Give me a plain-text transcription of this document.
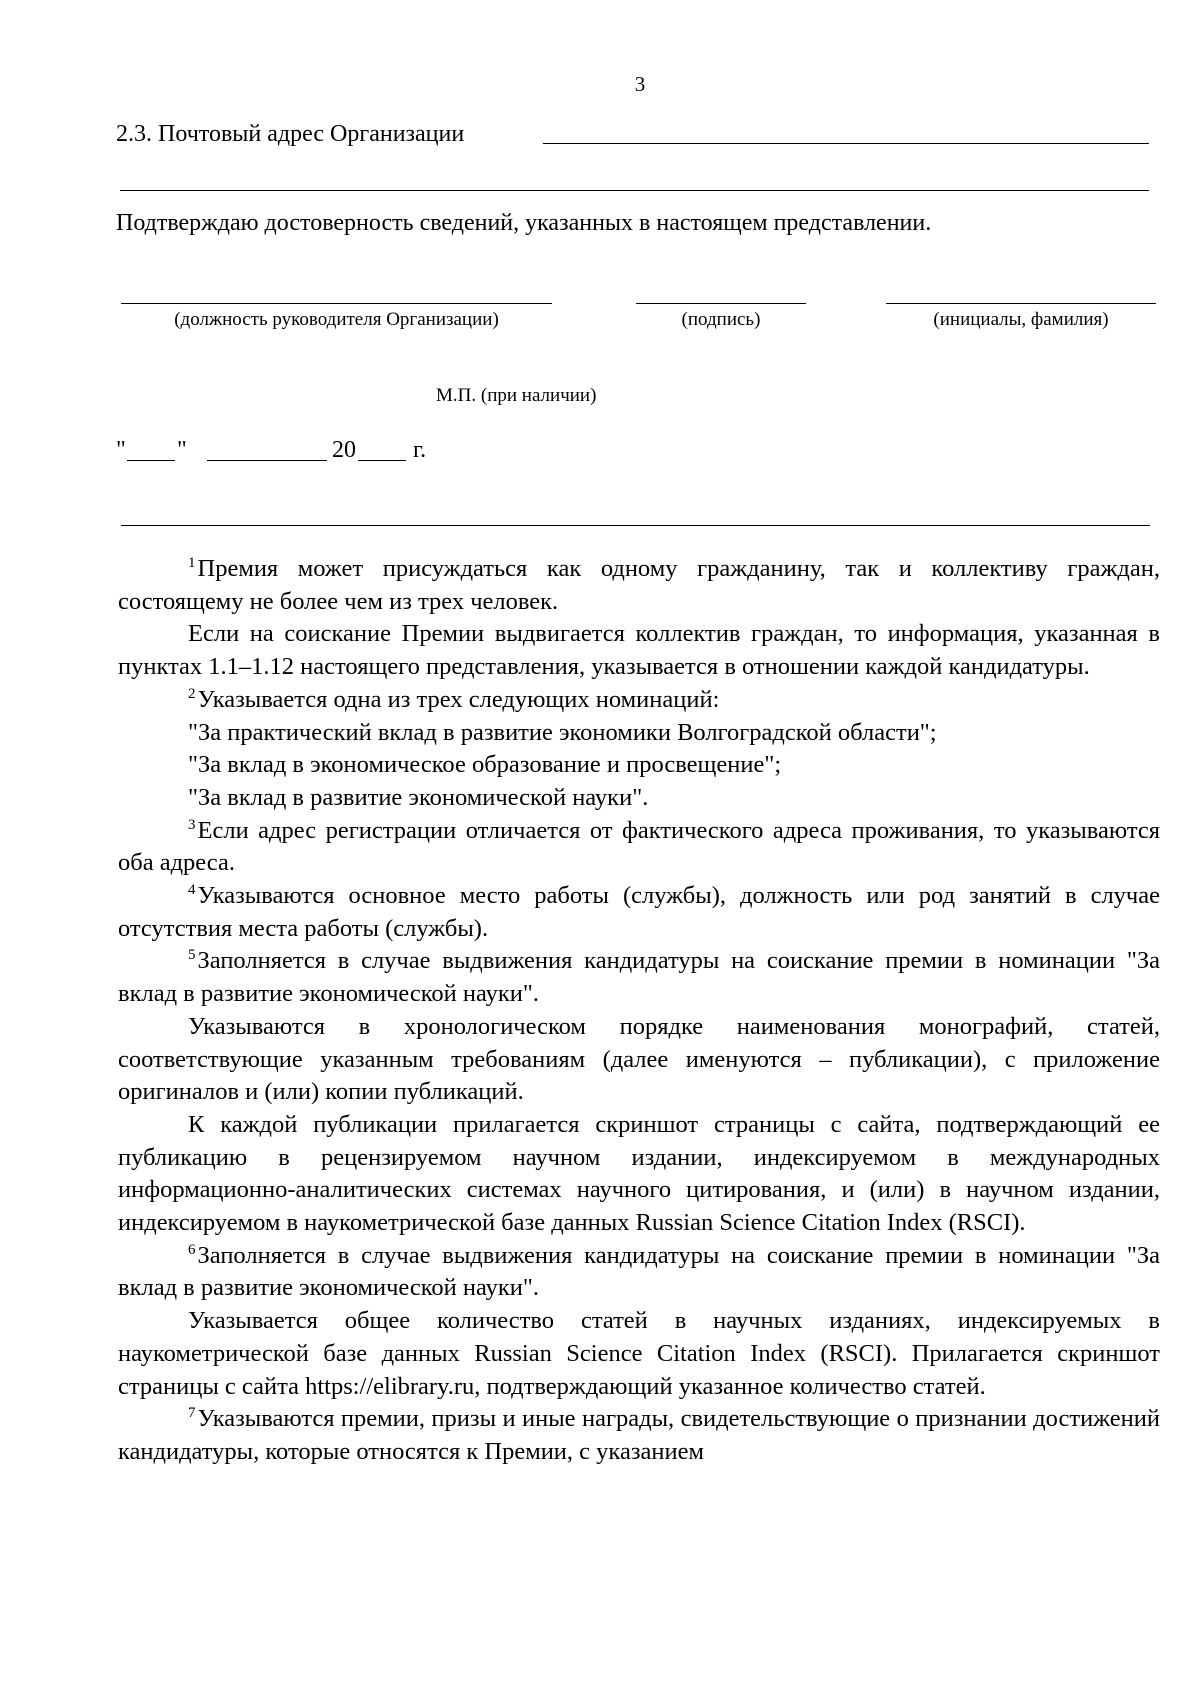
3
2.3. Почтовый адрес Организации
Подтверждаю достоверность сведений, указанных в настоящем представлении.
(должность руководителя Организации)	(подпись)	(инициалы, фамилия)
М.П. (при наличии)
" "	20 г.

$^1$Премия может присуждаться как одному гражданину, так и коллективу граждан, состоящему не более чем из трех человек.

Если на соискание Премии выдвигается коллектив граждан, то информация, указанная в пунктах 1.1–1.12 настоящего представления, указывается в отношении каждой кандидатуры.

$^2$Указывается одна из трех следующих номинаций:

"За практический вклад в развитие экономики Волгоградской области";

"За вклад в экономическое образование и просвещение";

"За вклад в развитие экономической науки".

$^3$Если адрес регистрации отличается от фактического адреса проживания, то указываются оба адреса.

$^4$Указываются основное место работы (службы), должность или род занятий в случае отсутствия места работы (службы).

$^5$Заполняется в случае выдвижения кандидатуры на соискание премии в номинации "За вклад в развитие экономической науки".

Указываются в хронологическом порядке наименования монографий, статей, соответствующие указанным требованиям (далее именуются – публикации), с приложение оригиналов и (или) копии публикаций.

К каждой публикации прилагается скриншот страницы с сайта, подтверждающий ее публикацию в рецензируемом научном издании, индексируемом в международных информационно-аналитических системах научного цитирования, и (или) в научном издании, индексируемом в наукометрической базе данных Russian Science Citation Index (RSCI).

$^6$Заполняется в случае выдвижения кандидатуры на соискание премии в номинации "За вклад в развитие экономической науки".

Указывается общее количество статей в научных изданиях, индексируемых в наукометрической базе данных Russian Science Citation Index (RSCI). Прилагается скриншот страницы с сайта https://elibrary.ru, подтверждающий указанное количество статей.

$^7$Указываются премии, призы и иные награды, свидетельствующие о признании достижений кандидатуры, которые относятся к Премии, с указанием
